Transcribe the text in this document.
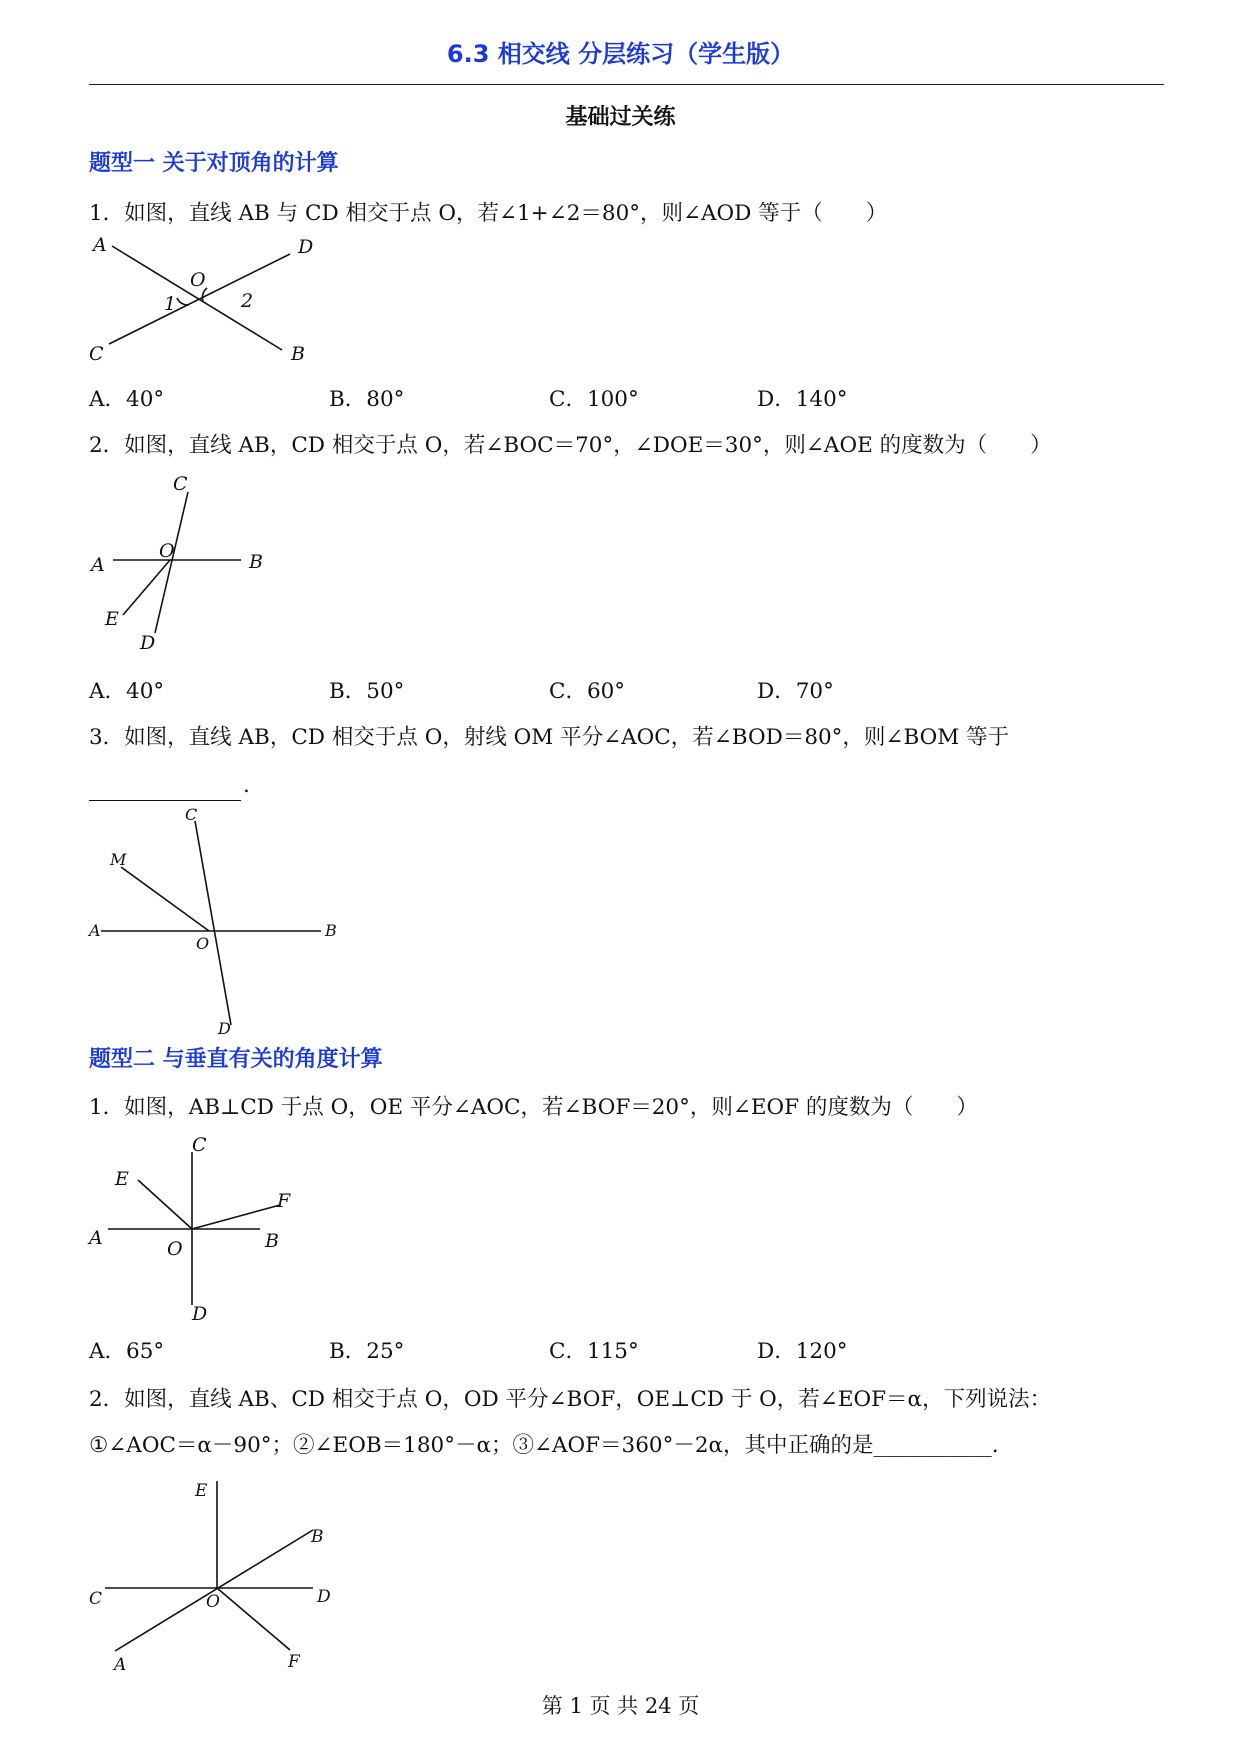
6.3 相交线 分层练习（学生版）
基础过关练
题型一 关于对顶角的计算
1．如图，直线 AB 与 CD 相交于点 O，若∠1+∠2＝80°，则∠AOD 等于（　　）
A	D
O
1	2
C	B
A．40°	B．80°	C．100°	D．140°
2．如图，直线 AB，CD 相交于点 O，若∠BOC＝70°，∠DOE＝30°，则∠AOE 的度数为（　　）
C
A
O	B
E
D
A．40°	B．50°	C．60°	D．70°
3．如图，直线 AB，CD 相交于点 O，射线 OM 平分∠AOC，若∠BOD＝80°，则∠BOM 等于
.
C
M
A
O
B
D
题型二 与垂直有关的角度计算
1．如图，AB⊥CD 于点 O，OE 平分∠AOC，若∠BOF＝20°，则∠EOF 的度数为（　　）
C
E
F
A	O	B
D
A．65°	B．25°	C．115°	D．120°
2．如图，直线 AB、CD 相交于点 O，OD 平分∠BOF，OE⊥CD 于 O，若∠EOF＝α，下列说法：
①∠AOC＝α－90°；②∠EOB＝180°－α；③∠AOF＝360°－2α，其中正确的是___________.
E
B
C	O	D
A	F
第 1 页 共 24 页
